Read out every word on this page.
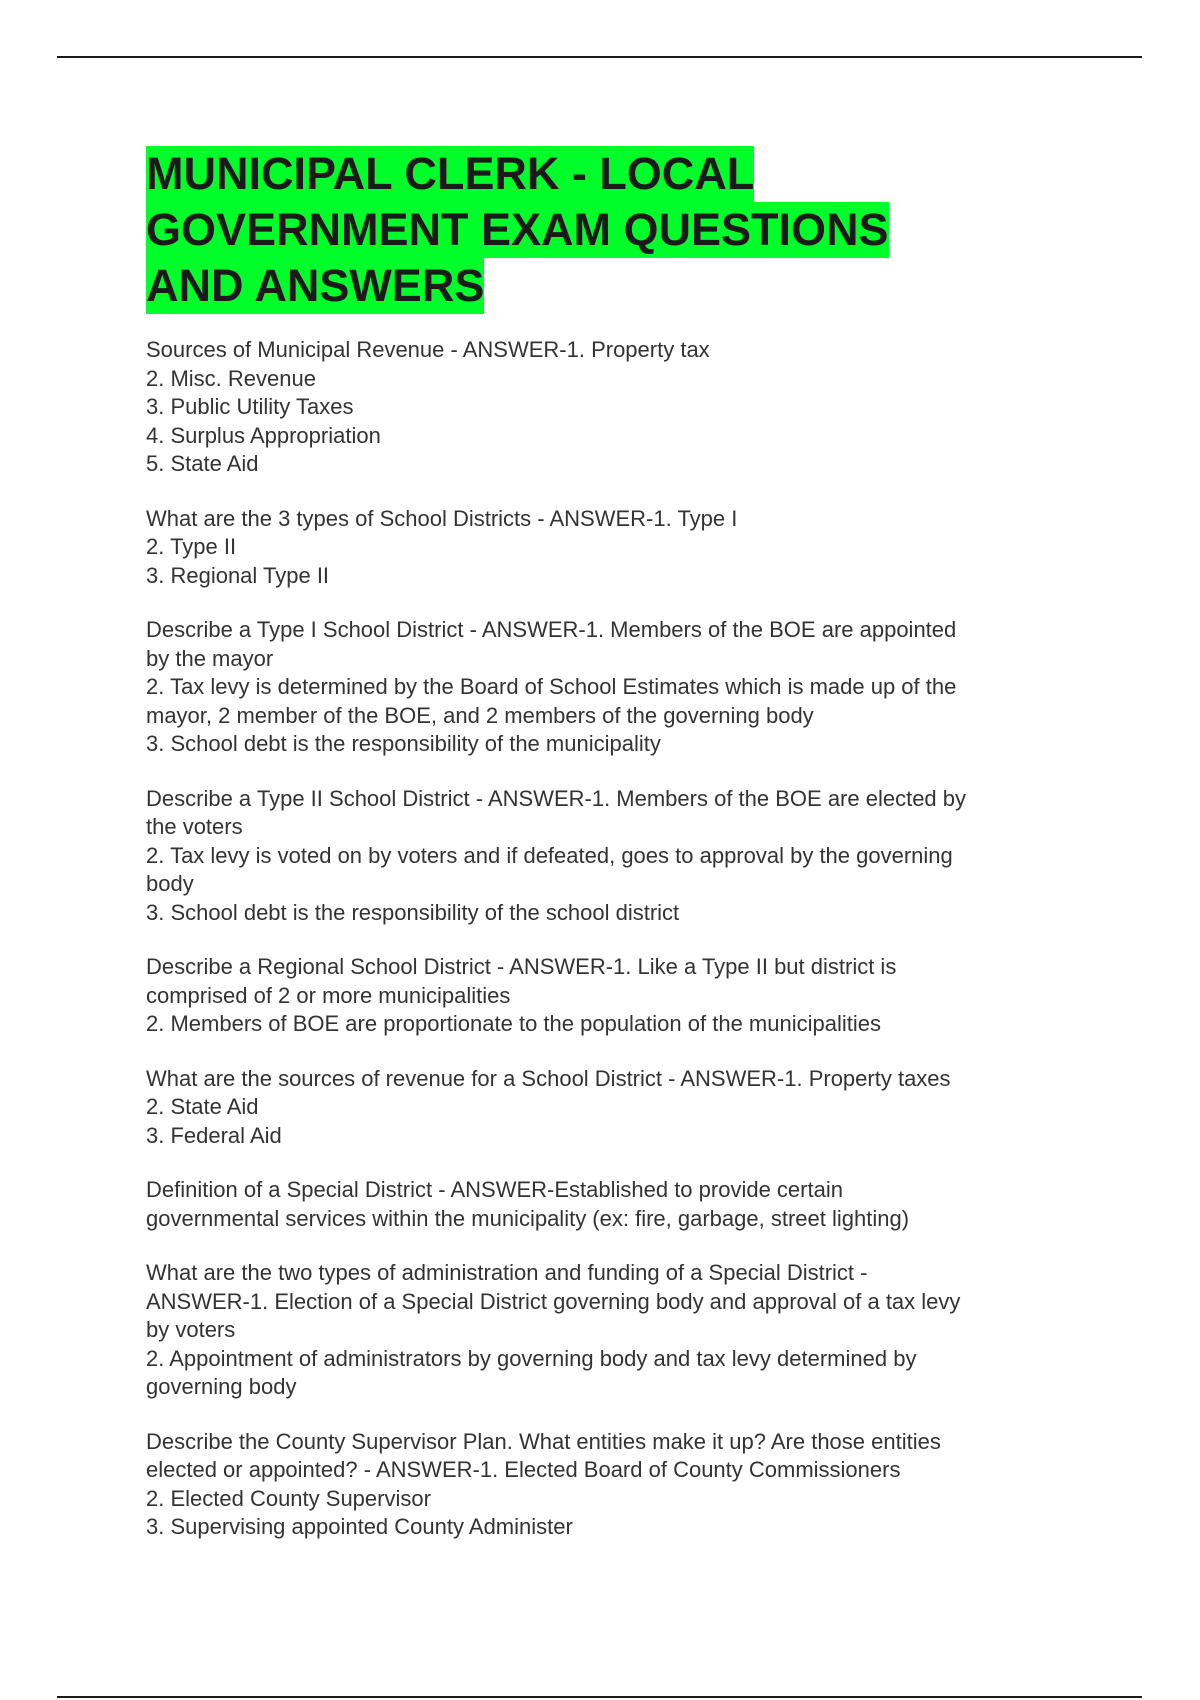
MUNICIPAL CLERK - LOCAL
GOVERNMENT EXAM QUESTIONS
AND ANSWERS
Sources of Municipal Revenue - ANSWER-1. Property tax
2. Misc. Revenue
3. Public Utility Taxes
4. Surplus Appropriation
5. State Aid
What are the 3 types of School Districts - ANSWER-1. Type I
2. Type II
3. Regional Type II
Describe a Type I School District - ANSWER-1. Members of the BOE are appointed
by the mayor
2. Tax levy is determined by the Board of School Estimates which is made up of the
mayor, 2 member of the BOE, and 2 members of the governing body
3. School debt is the responsibility of the municipality
Describe a Type II School District - ANSWER-1. Members of the BOE are elected by
the voters
2. Tax levy is voted on by voters and if defeated, goes to approval by the governing
body
3. School debt is the responsibility of the school district
Describe a Regional School District - ANSWER-1. Like a Type II but district is
comprised of 2 or more municipalities
2. Members of BOE are proportionate to the population of the municipalities
What are the sources of revenue for a School District - ANSWER-1. Property taxes
2. State Aid
3. Federal Aid
Definition of a Special District - ANSWER-Established to provide certain
governmental services within the municipality (ex: fire, garbage, street lighting)
What are the two types of administration and funding of a Special District -
ANSWER-1. Election of a Special District governing body and approval of a tax levy
by voters
2. Appointment of administrators by governing body and tax levy determined by
governing body
Describe the County Supervisor Plan. What entities make it up? Are those entities
elected or appointed? - ANSWER-1. Elected Board of County Commissioners
2. Elected County Supervisor
3. Supervising appointed County Administer
